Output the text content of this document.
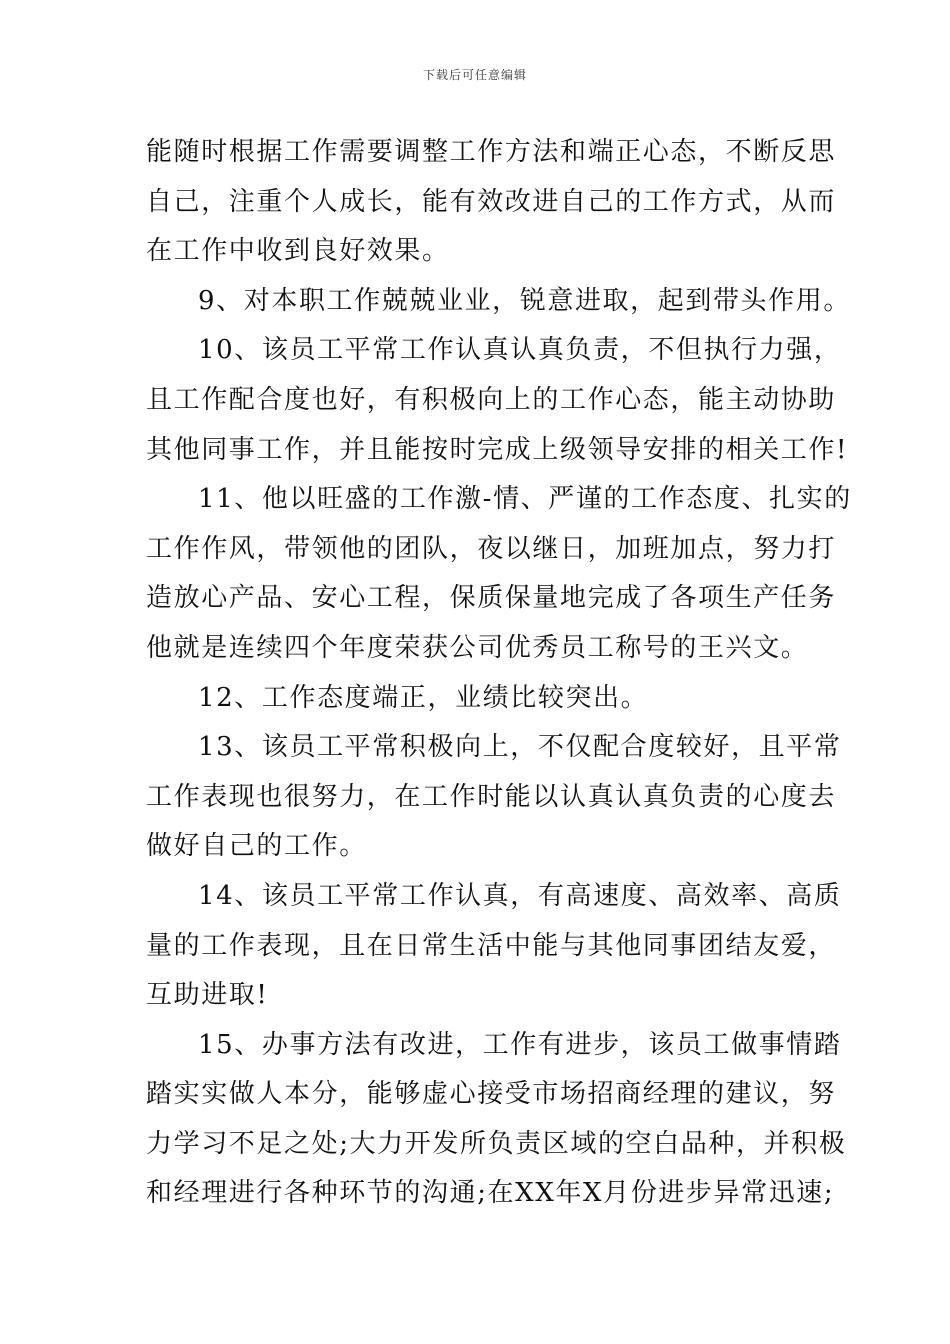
下载后可任意编辑
能随时根据工作需要调整工作方法和端正心态，不断反思
自己，注重个人成长，能有效改进自己的工作方式，从而
在工作中收到良好效果。
9、对本职工作兢兢业业，锐意进取，起到带头作用。
10、该员工平常工作认真认真负责，不但执行力强，
且工作配合度也好，有积极向上的工作心态，能主动协助
其他同事工作，并且能按时完成上级领导安排的相关工作!
11、他以旺盛的工作激-情、严谨的工作态度、扎实的
工作作风，带领他的团队，夜以继日，加班加点，努力打
造放心产品、安心工程，保质保量地完成了各项生产任务
他就是连续四个年度荣获公司优秀员工称号的王兴文。
12、工作态度端正，业绩比较突出。
13、该员工平常积极向上，不仅配合度较好，且平常
工作表现也很努力，在工作时能以认真认真负责的心度去
做好自己的工作。
14、该员工平常工作认真，有高速度、高效率、高质
量的工作表现，且在日常生活中能与其他同事团结友爱，
互助进取!
15、办事方法有改进，工作有进步，该员工做事情踏
踏实实做人本分，能够虚心接受市场招商经理的建议，努
力学习不足之处;大力开发所负责区域的空白品种，并积极
和经理进行各种环节的沟通;在XX年X月份进步异常迅速;
